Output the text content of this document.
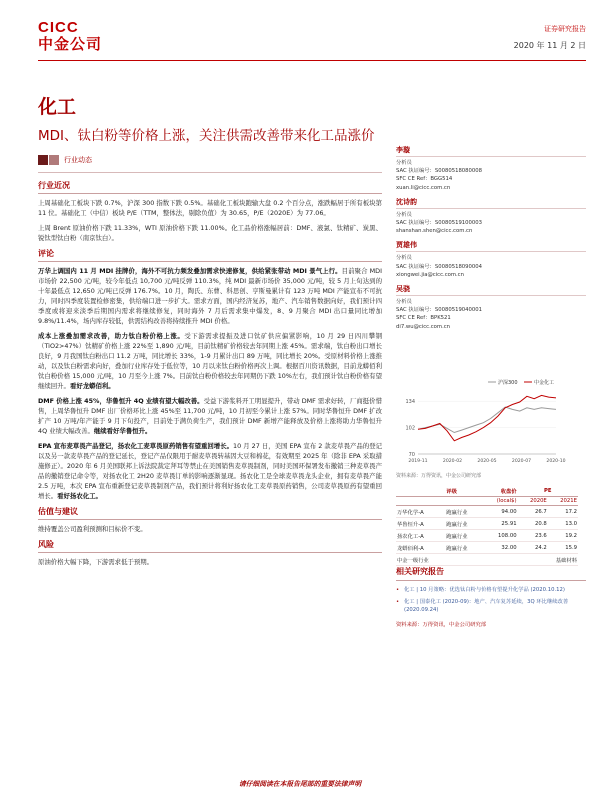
CICC
中金公司
证券研究报告
2020 年 11 月 2 日
化工
MDI、钛白粉等价格上涨，关注供需改善带来化工品涨价
行业动态
行业近况
上周基础化工板块下跌 0.7%，沪深 300 指数下跌 0.5%。基础化工板块跑输大盘 0.2 个百分点，涨跌幅居于所有板块第 11 位。基础化工（中信）板块 P/E（TTM，整体法，剔除负值）为 30.65，P/E（2020E）为 77.06。
上周 Brent 原油价格下跌 11.33%，WTI 原油价格下跌 11.00%。化工品价格涨幅居前：DMF、液氯、钛精矿、炭黑、锐钛型钛白粉（南京钛白）。
评论
万华上调国内 11 月 MDI 挂牌价，海外不可抗力频发叠加需求快速修复，供给紧张带动 MDI 景气上行。目前聚合 MDI 市场价 22,500 元/吨，较今年低点 10,700 元/吨反弹 110.3%，纯 MDI 最新市场价 35,000 元/吨，较 5 月上旬达到的十年最低点 12,650 元/吨已反弹 176.7%。10 月，陶氏、东曹、科思创、亨斯曼累计有 123 万吨 MDI 产能宣布不可抗力，同时四季度装置检修密集，供给端口进一步扩大。需求方面，国内经济复苏，地产、汽车销售数据向好，我们预计四季度或将迎来淡季后期国内需求将继续修复，同时海外 7 月后需求集中爆发，8、9 月聚合 MDI 出口量同比增加 9.8%/11.4%，场内库存较低，供需结构改善将持续推升 MDI 价格。
成本上涨叠加需求改善，助力钛白粉价格上涨。受下游需求提振及进口钛矿供应偏紧影响，10 月 29 日四川攀钢（TiO2>47%）钛精矿价格上涨 22%至 1,890 元/吨，目前钛精矿价格较去年同期上涨 45%。需求端，钛白粉出口增长良好，9 月我国钛白粉出口 11.2 万吨，同比增长 33%，1-9 月累计出口 89 万吨，同比增长 20%。受原材料价格上涨推动，以及钛白粉需求向好，叠加行业库存处于低位等，10 月以来钛白粉价格再次上调。根据百川资讯数据，目前龙蟒佰利钛白粉价格 15,000 元/吨，10 月至今上涨 7%。目前钛白粉价格较去年同期仍下跌 10%左右，我们预计钛白粉价格有望继续回升。看好龙蟒佰利。
DMF 价格上涨 45%，华鲁恒升 4Q 业绩有望大幅改善。受益下游浆料开工明显提升，带动 DMF 需求好转，厂商挺价惜售，上周华鲁恒升 DMF 出厂价格环比上涨 45%至 11,700 元/吨，10 月初至今累计上涨 57%。同时华鲁恒升 DMF 扩改扩产 10 万吨/年产能于 9 月下旬投产，目前处于满负荷生产，我们预计 DMF 新增产能释放及价格上涨将助力华鲁恒升 4Q 业绩大幅改善。继续看好华鲁恒升。
EPA 宣布麦草畏产品登记，扬农化工麦草畏原药销售有望重回增长。10 月 27 日，美国 EPA 宣布 2 款麦草畏产品的登记以及另一款麦草畏产品的登记延长，登记产品仅限用于耐麦草畏转基因大豆和棉花，有效期至 2025 年（除非 EPA 采取措施修正）。2020 年 6 月美国联邦上诉法院裁定拜耳等禁止在美国销售麦草畏制剂，同时美国环保署发布撤销三种麦草畏产品的撤销登记命令等，对扬农化工 2H20 麦草畏订单的影响逐渐显现。扬农化工是全球麦草畏龙头企业，拥有麦草畏产能 2.5 万吨，本次 EPA 宣布重新登记麦草畏制剂产品，我们预计将利好扬农化工麦草畏原药销售，公司麦草畏原药有望重回增长。看好扬农化工。
估值与建议
维持覆盖公司盈利预测和目标价不变。
风险
原油价格大幅下降，下游需求低于预期。
李璇
分析员
SAC 执证编号：S0080518080008
SFC CE Ref：BGG514
xuan.li@cicc.com.cn
沈诗韵
分析员
SAC 执证编号：S0080519100003
shanshan.shen@cicc.com.cn
贾雄伟
分析员
SAC 执证编号：S0080518090004
xiongwei.jia@cicc.com.cn
吴骁
分析员
SAC 执证编号：S0080519040001
SFC CE Ref：BPK521
di7.wu@cicc.com.cn
70
102
134
2019-11	2020-02	2020-05	2020-07	2020-10
沪深300	中金化工
资料来源：万得资讯，中金公司研究部
		评级	收盘价	PE	
			(local$)	2020E	2021E
万华化学-A		跑赢行业	94.00	26.7	17.2
华鲁恒升-A		跑赢行业	25.91	20.8	13.0
扬农化工-A		跑赢行业	108.00	23.6	19.2
龙蟒佰利-A		跑赢行业	32.00	24.2	15.9
中金一级行业			基础材料		
相关研究报告
• 化工 | 10 月策略：优选钛白粉与价格有望提升化学品 (2020.10.12)
• 化工 | 国泰化工 (2020-09)：地产、汽车复苏延续，3Q 环比继续改善 (2020.09.24)
资料来源：万得资讯，中金公司研究部
请仔细阅读在本报告尾部的重要法律声明
